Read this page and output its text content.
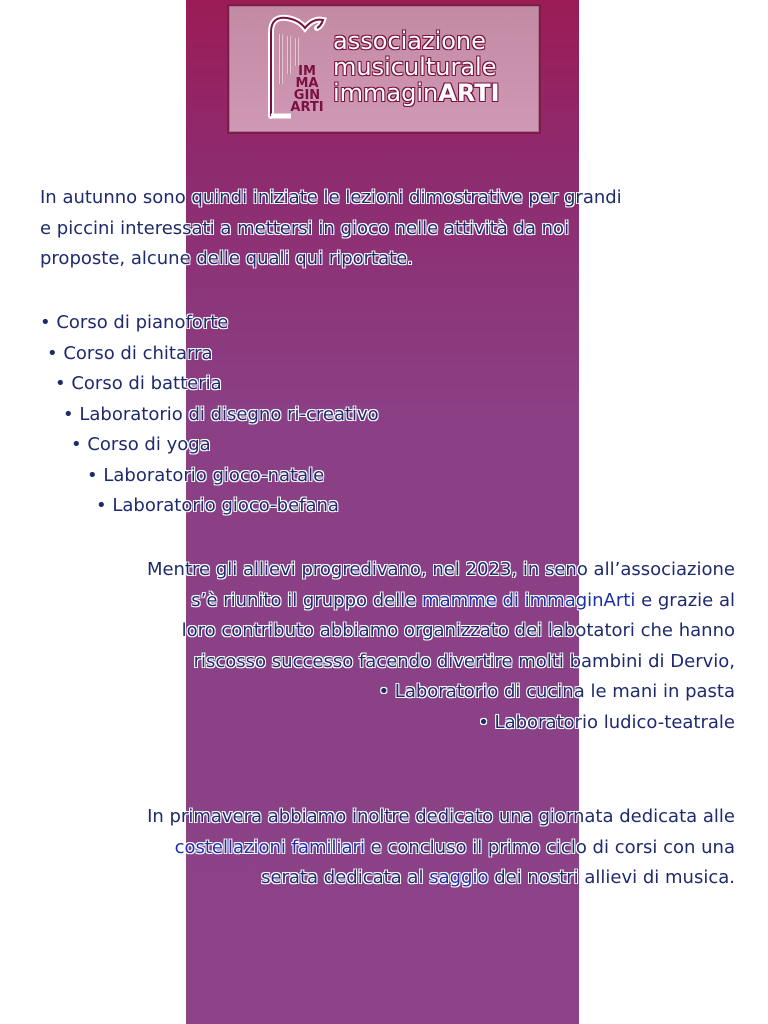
IM
MA
GIN
ARTI
associazione
musiculturale
immaginARTI
In autunno sono quindi iniziate le lezioni dimostrative per grandi
e piccini interessati a mettersi in gioco nelle attività da noi
proposte, alcune delle quali qui riportate.
• Corso di pianoforte
• Corso di chitarra
• Corso di batteria
• Laboratorio di disegno ri-creativo
• Corso di yoga
• Laboratorio gioco-natale
• Laboratorio gioco-befana
Mentre gli allievi progredivano, nel 2023, in seno all’associazione
s’è riunito il gruppo delle mamme di immaginArti e grazie al
loro contributo abbiamo organizzato dei labotatori che hanno
riscosso successo facendo divertire molti bambini di Dervio,
• Laboratorio di cucina le mani in pasta
• Laboratorio ludico-teatrale
In primavera abbiamo inoltre dedicato una giornata dedicata alle
costellazioni familiari e concluso il primo ciclo di corsi con una
serata dedicata al saggio dei nostri allievi di musica.
